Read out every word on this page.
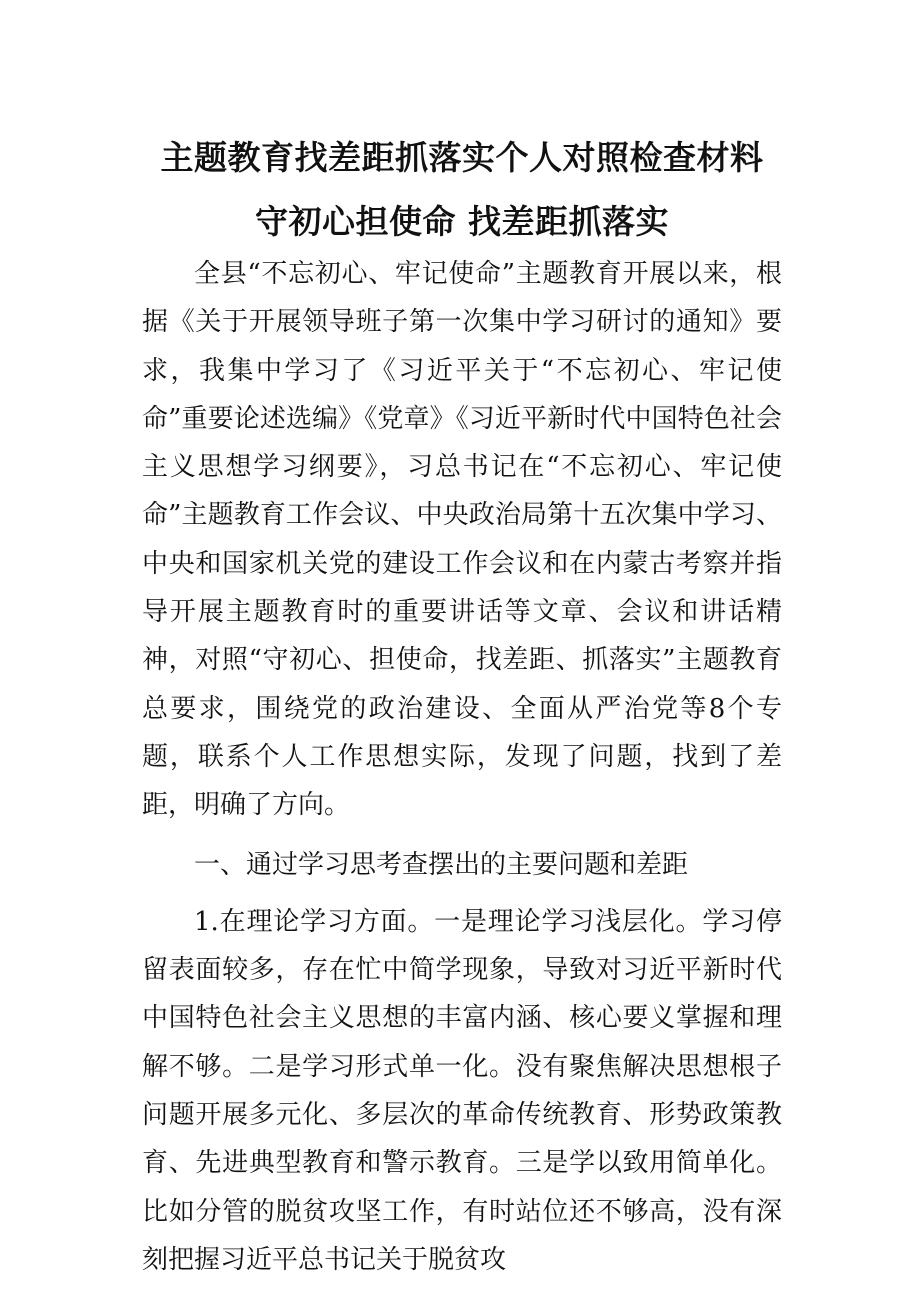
主题教育找差距抓落实个人对照检查材料
守初心担使命 找差距抓落实

全县“不忘初心、牢记使命”主题教育开展以来，根据《关于开展领导班子第一次集中学习研讨的通知》要求，我集中学习了《习近平关于“不忘初心、牢记使命”重要论述选编》《党章》《习近平新时代中国特色社会主义思想学习纲要》，习总书记在“不忘初心、牢记使命”主题教育工作会议、中央政治局第十五次集中学习、中央和国家机关党的建设工作会议和在内蒙古考察并指导开展主题教育时的重要讲话等文章、会议和讲话精神，对照“守初心、担使命，找差距、抓落实”主题教育总要求，围绕党的政治建设、全面从严治党等8个专题，联系个人工作思想实际，发现了问题，找到了差距，明确了方向。

一、通过学习思考查摆出的主要问题和差距

1.在理论学习方面。一是理论学习浅层化。学习停留表面较多，存在忙中简学现象，导致对习近平新时代中国特色社会主义思想的丰富内涵、核心要义掌握和理解不够。二是学习形式单一化。没有聚焦解决思想根子问题开展多元化、多层次的革命传统教育、形势政策教育、先进典型教育和警示教育。三是学以致用简单化。比如分管的脱贫攻坚工作，有时站位还不够高，没有深刻把握习近平总书记关于脱贫攻
